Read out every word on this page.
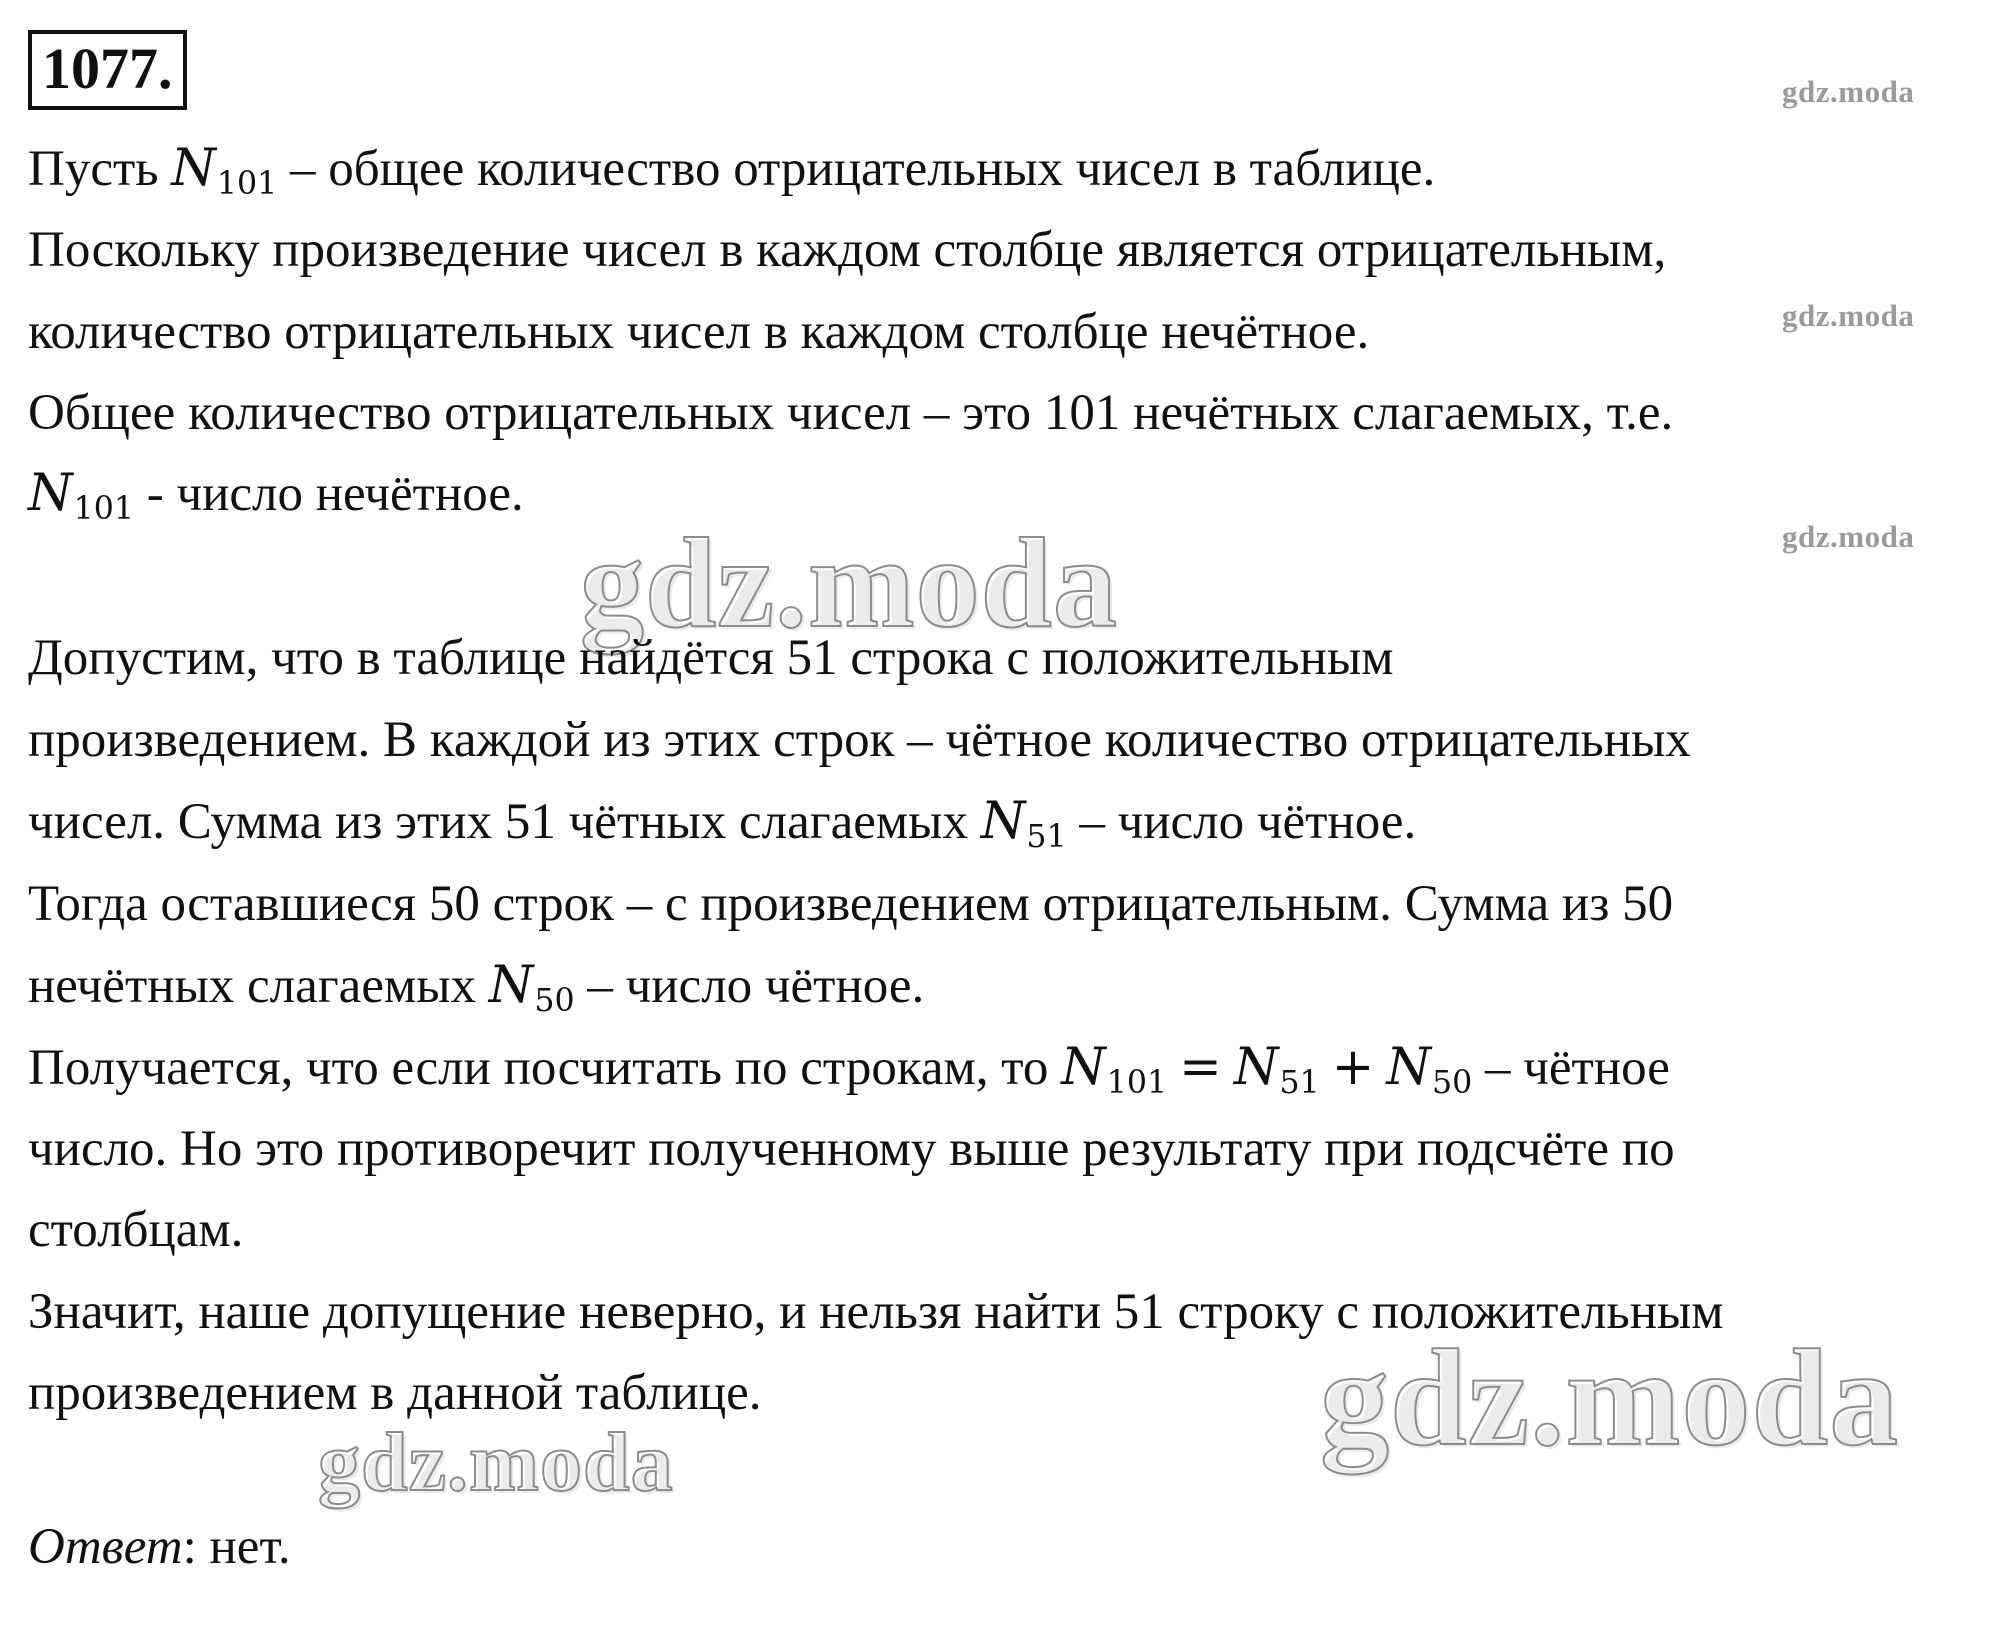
1077.	gdz.moda
gdz.moda
gdz.moda
Пусть $N_{101}$ – общее количество отрицательных чисел в таблице.
Поскольку произведение чисел в каждом столбце является отрицательным,
количество отрицательных чисел в каждом столбце нечётное.
Общее количество отрицательных чисел – это 101 нечётных слагаемых, т.е.
$N_{101}$ - число нечётное.
gdz.moda
Допустим, что в таблице найдётся 51 строка с положительным
произведением. В каждой из этих строк – чётное количество отрицательных
чисел. Сумма из этих 51 чётных слагаемых $N_{51}$ – число чётное.
Тогда оставшиеся 50 строк – с произведением отрицательным. Сумма из 50
нечётных слагаемых $N_{50}$ – число чётное.
Получается, что если посчитать по строкам, то $N_{101} = N_{51} + N_{50}$ – чётное
число. Но это противоречит полученному выше результату при подсчёте по
столбцам.
Значит, наше допущение неверно, и нельзя найти 51 строку с положительным
произведением в данной таблице.	gdz.moda
gdz.moda
Ответ: нет.
